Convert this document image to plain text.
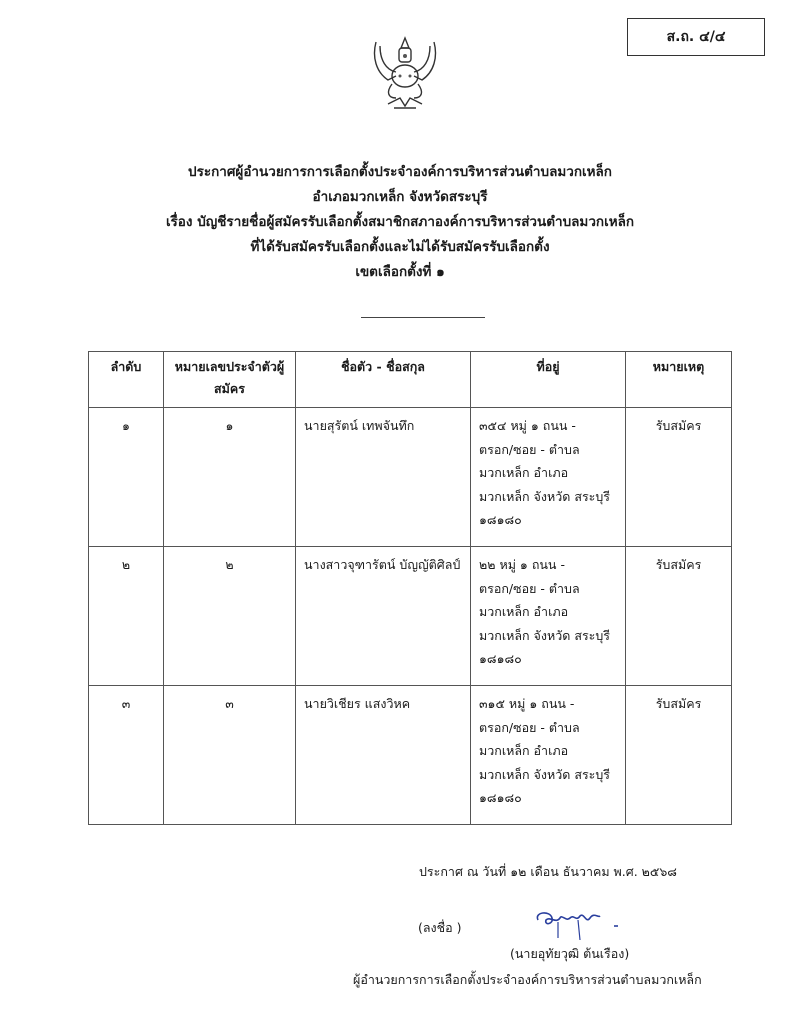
ส.ถ. ๔/๔
ประกาศผู้อำนวยการการเลือกตั้งประจำองค์การบริหารส่วนตำบลมวกเหล็ก
อำเภอมวกเหล็ก จังหวัดสระบุรี
เรื่อง บัญชีรายชื่อผู้สมัครรับเลือกตั้งสมาชิกสภาองค์การบริหารส่วนตำบลมวกเหล็ก
ที่ได้รับสมัครรับเลือกตั้งและไม่ได้รับสมัครรับเลือกตั้ง
เขตเลือกตั้งที่ ๑
ลำดับ	หมายเลขประจำตัวผู้สมัคร	ชื่อตัว - ชื่อสกุล	ที่อยู่	หมายเหตุ
๑	๑	นายสุรัตน์ เทพจันทึก	๓๕๔ หมู่ ๑ ถนน -
ตรอก/ซอย - ตำบล
มวกเหล็ก อำเภอ
มวกเหล็ก จังหวัด สระบุรี
๑๘๑๘๐	รับสมัคร
๒	๒	นางสาวจุฑารัตน์ บัญญัติศิลป์	๒๒ หมู่ ๑ ถนน -
ตรอก/ซอย - ตำบล
มวกเหล็ก อำเภอ
มวกเหล็ก จังหวัด สระบุรี
๑๘๑๘๐	รับสมัคร
๓	๓	นายวิเชียร แสงวิหค	๓๑๕ หมู่ ๑ ถนน -
ตรอก/ซอย - ตำบล
มวกเหล็ก อำเภอ
มวกเหล็ก จังหวัด สระบุรี
๑๘๑๘๐	รับสมัคร
ประกาศ ณ วันที่ ๑๒ เดือน ธันวาคม พ.ศ. ๒๕๖๘
(ลงชื่อ )
(นายอุทัยวุฒิ ต้นเรือง)
ผู้อำนวยการการเลือกตั้งประจำองค์การบริหารส่วนตำบลมวกเหล็ก
